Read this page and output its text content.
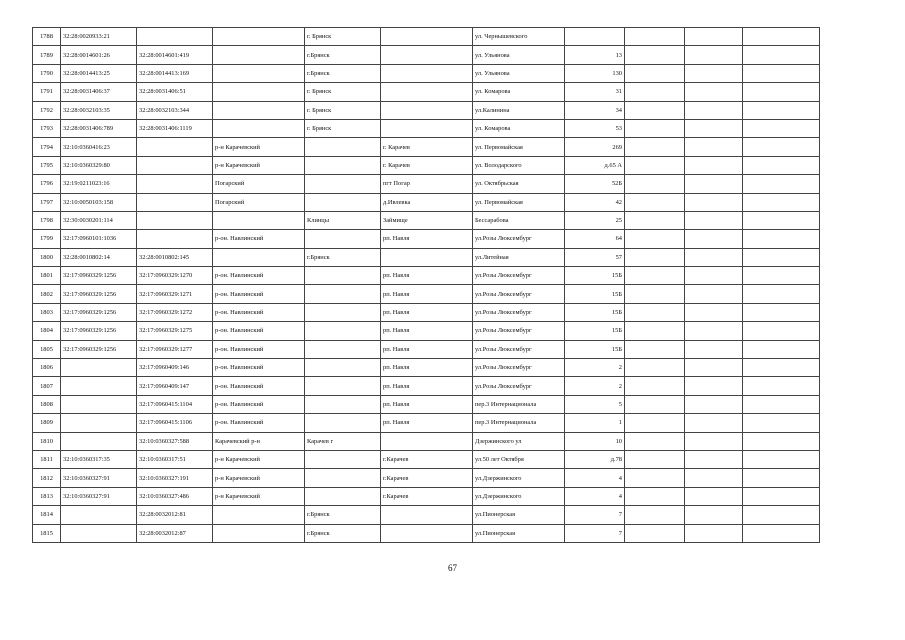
1788	32:28:0020933:21			г. Брянск		ул. Чернышевского				
1789	32:28:0014601:26	32:28:0014601:419		г.Брянск		ул. Ульянова	13			
1790	32:28:0014413:25	32:28:0014413:169		г.Брянск		ул. Ульянова	130			
1791	32:28:0031406:37	32:28:0031406:51		г. Брянск		ул. Комарова	31			
1792	32:28:0032103:35	32:28:0032103:344		г. Брянск		ул.Калинина	34			
1793	32:28:0031406:789	32:28:0031406:1119		г. Брянск		ул. Комарова	53			
1794	32:10:0360416:23		р-н Карачевский		г. Карачев	ул. Первомайская	269			
1795	32:10:0360329:80		р-н Карачевский		г. Карачев	ул. Володарского	д.65 А			
1796	32:19:0211023:16		Погарский		пгт Погар	ул. Октябрьская	52Б			
1797	32:10:0050103:158		Погарский		д.Ивлевка	ул. Первомайская	42			
1798	32:30:0030201:114			Клинцы	Займище	Бессарабова	25			
1799	32:17:0960101:1036		р-он. Навлинский		рп. Навля	ул.Розы Люксембург	64			
1800	32:28:0010802:14	32:28:0010802:145		г.Брянск		ул.Литейная	57			
1801	32:17:0960329:1256	32:17:0960329:1270	р-он. Навлинский		рп. Навля	ул.Розы Люксембург	15Б			
1802	32:17:0960329:1256	32:17:0960329:1271	р-он. Навлинский		рп. Навля	ул.Розы Люксембург	15Б			
1803	32:17:0960329:1256	32:17:0960329:1272	р-он. Навлинский		рп. Навля	ул.Розы Люксембург	15Б			
1804	32:17:0960329:1256	32:17:0960329:1275	р-он. Навлинский		рп. Навля	ул.Розы Люксембург	15Б			
1805	32:17:0960329:1256	32:17:0960329:1277	р-он. Навлинский		рп. Навля	ул.Розы Люксембург	15Б			
1806		32:17:0960409:146	р-он. Навлинский		рп. Навля	ул.Розы Люксембург	2			
1807		32:17:0960409:147	р-он. Навлинский		рп. Навля	ул.Розы Люксембург	2			
1808		32:17:0960415:1104	р-он. Навлинский		рп. Навля	пер.3 Интернационала	5			
1809		32:17:0960415:1106	р-он. Навлинский		рп. Навля	пер.3 Интернационала	1			
1810		32:10:0360327:588	Карачевский р-н	Карачев г		Дзержинского ул	10			
1811	32:10:0360317:35	32:10:0360317:51	р-н Карачевский		г.Карачев	ул.50 лет Октября	д.78			
1812	32:10:0360327:91	32:10:0360327:191	р-н Карачевский		г.Карачев	ул.Дзержинского	4			
1813	32:10:0360327:91	32:10:0360327:486	р-н Карачевский		г.Карачев	ул.Дзержинского	4			
1814		32:28:0032012:81		г.Брянск		ул.Пионерская	7			
1815		32:28:0032012:87		г.Брянск		ул.Пионерская	7			
67
